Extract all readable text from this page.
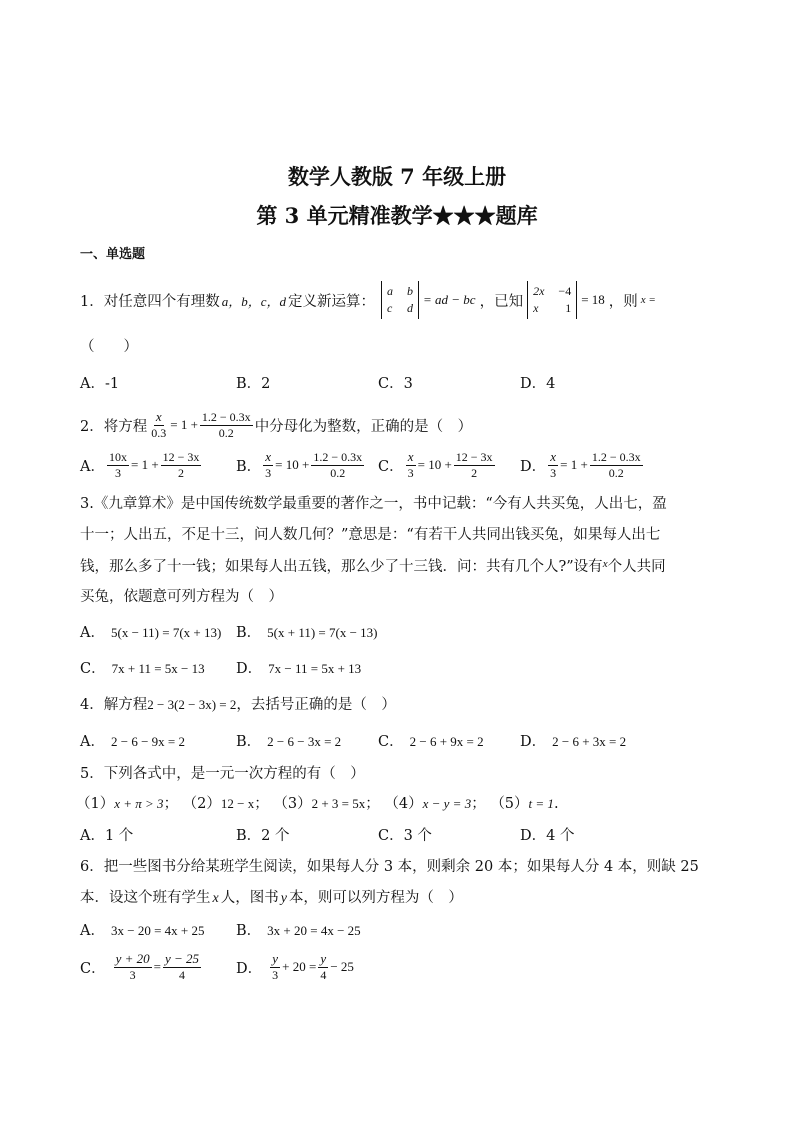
数学人教版 7 年级上册
第 3 单元精准教学★★★题库
一、单选题
1．对任意四个有理数 a，b，c，d 定义新运算：
a b
c d
= ad − bc ，已知
2x −4
x 1
= 18 ，则 x =
（　　）
A．-1	B．2	C．3	D．4
2．将方程 $\frac{x}{0.3} = 1 + \frac{1.2 - 0.3x}{0.2}$ 中分母化为整数，正确的是（　）
A． $\frac{10x}{3} = 1 + \frac{12 - 3x}{2}$ B． $\frac{x}{3} = 10 + \frac{1.2 - 0.3x}{0.2}$ C． $\frac{x}{3} = 10 + \frac{12 - 3x}{2}$ D． $\frac{x}{3} = 1 + \frac{1.2 - 0.3x}{0.2}$
3.《九章算术》是中国传统数学最重要的著作之一，书中记载：“今有人共买兔，人出七，盈
十一；人出五，不足十三，问人数几何？”意思是：“有若干人共同出钱买兔，如果每人出七
钱，那么多了十一钱；如果每人出五钱，那么少了十三钱．问：共有几个人?”设有$^x$个人共同
买兔，依题意可列方程为（　）
A． 5(x − 11) = 7(x + 13) B． 5(x + 11) = 7(x − 13)
C． 7x + 11 = 5x − 13 D． 7x − 11 = 5x + 13
4．解方程2 − 3(2 − 3x) = 2，去括号正确的是（　）
A． 2 − 6 − 9x = 2	B． 2 − 6 − 3x = 2	C． 2 − 6 + 9x = 2	D． 2 − 6 + 3x = 2
5．下列各式中，是一元一次方程的有（　）
（1）x + π > 3； （2）12 − x； （3）2 + 3 = 5x； （4）x − y = 3； （5）t = 1.
A．1 个	B．2 个	C．3 个	D．4 个
6．把一些图书分给某班学生阅读，如果每人分 3 本，则剩余 20 本；如果每人分 4 本，则缺 25
本．设这个班有学生 x 人，图书 y 本，则可以列方程为（　）
A． 3x − 20 = 4x + 25 B． 3x + 20 = 4x − 25
C． $\frac{y + 20}{3} = \frac{y - 25}{4}$ D． $\frac{y}{3} + 20 = \frac{y}{4} - 25$
